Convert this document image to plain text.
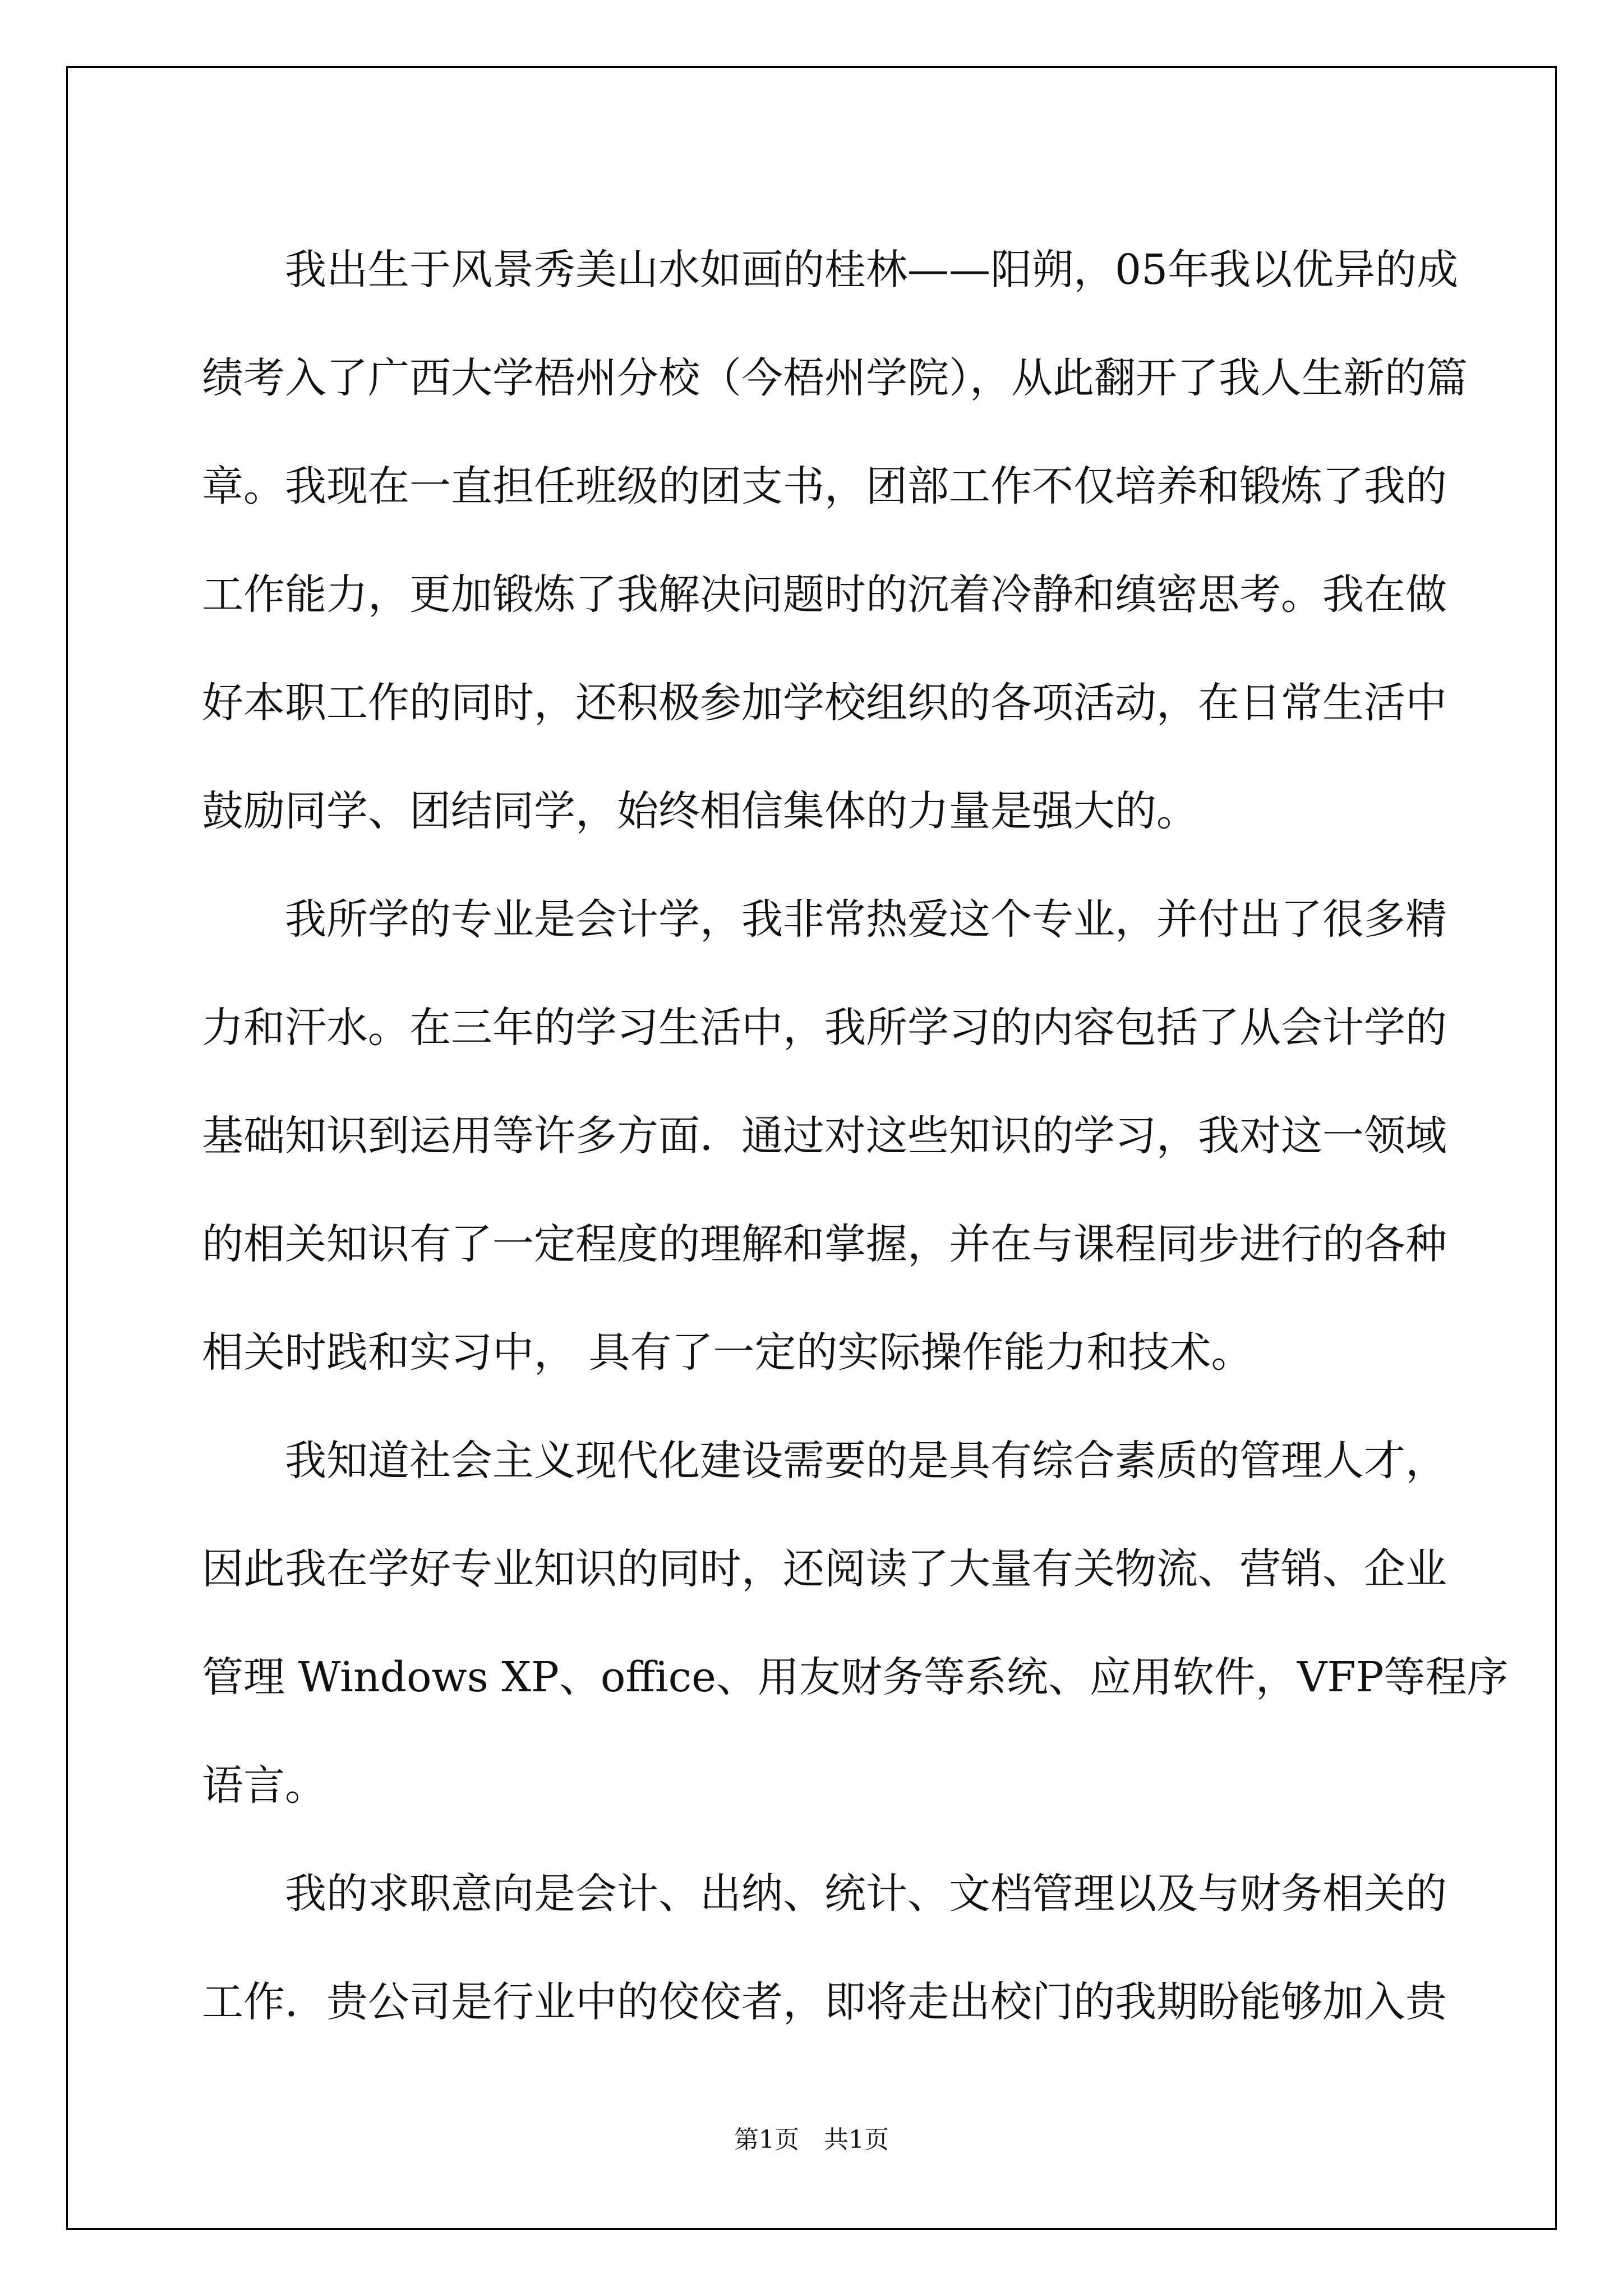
我出生于风景秀美山水如画的桂林——阳朔，05年我以优异的成
绩考入了广西大学梧州分校（今梧州学院），从此翻开了我人生新的篇
章。我现在一直担任班级的团支书，团部工作不仅培养和锻炼了我的
工作能力，更加锻炼了我解决问题时的沉着冷静和缜密思考。我在做
好本职工作的同时，还积极参加学校组织的各项活动，在日常生活中
鼓励同学、团结同学，始终相信集体的力量是强大的。
我所学的专业是会计学，我非常热爱这个专业，并付出了很多精
力和汗水。在三年的学习生活中，我所学习的内容包括了从会计学的
基础知识到运用等许多方面．通过对这些知识的学习，我对这一领域
的相关知识有了一定程度的理解和掌握，并在与课程同步进行的各种
相关时践和实习中， 具有了一定的实际操作能力和技术。
我知道社会主义现代化建设需要的是具有综合素质的管理人才，
因此我在学好专业知识的同时，还阅读了大量有关物流、营销、企业
管理 Windows XP、office、用友财务等系统、应用软件，VFP等程序
语言。
我的求职意向是会计、出纳、统计、文档管理以及与财务相关的
工作．贵公司是行业中的佼佼者，即将走出校门的我期盼能够加入贵
第1页　共1页
